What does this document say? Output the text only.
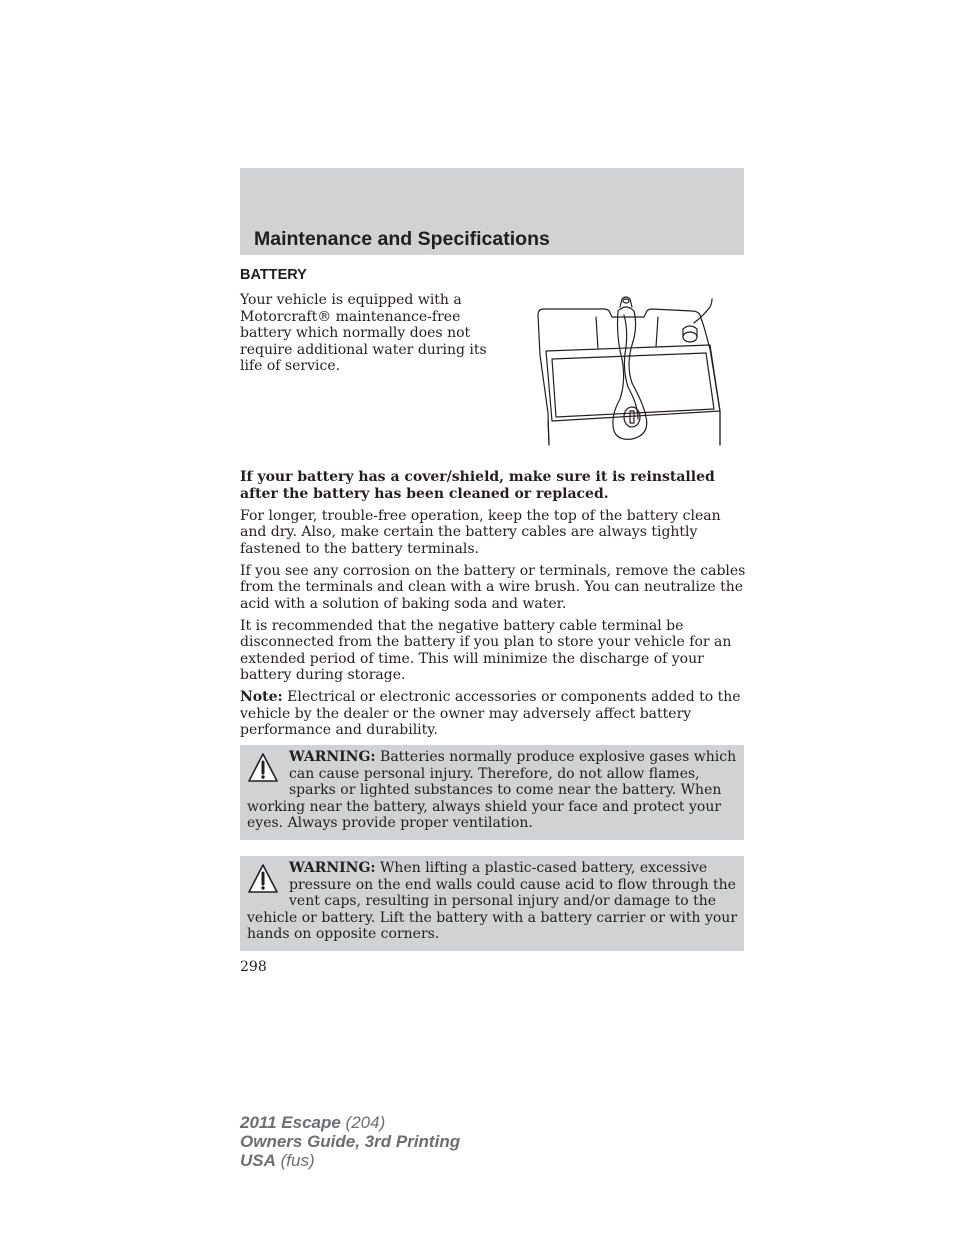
Maintenance and Specifications
BATTERY

Your vehicle is equipped with a Motorcraft® maintenance-free battery which normally does not require additional water during its life of service.

If your battery has a cover/shield, make sure it is reinstalled after the battery has been cleaned or replaced.

For longer, trouble-free operation, keep the top of the battery clean and dry. Also, make certain the battery cables are always tightly fastened to the battery terminals.

If you see any corrosion on the battery or terminals, remove the cables from the terminals and clean with a wire brush. You can neutralize the acid with a solution of baking soda and water.

It is recommended that the negative battery cable terminal be disconnected from the battery if you plan to store your vehicle for an extended period of time. This will minimize the discharge of your battery during storage.

Note: Electrical or electronic accessories or components added to the vehicle by the dealer or the owner may adversely affect battery performance and durability.

WARNING: Batteries normally produce explosive gases which can cause personal injury. Therefore, do not allow flames, sparks or lighted substances to come near the battery. When working near the battery, always shield your face and protect your eyes. Always provide proper ventilation.

WARNING: When lifting a plastic-cased battery, excessive pressure on the end walls could cause acid to flow through the vent caps, resulting in personal injury and/or damage to the vehicle or battery. Lift the battery with a battery carrier or with your hands on opposite corners.

298

2011 Escape (204)
Owners Guide, 3rd Printing
USA (fus)
